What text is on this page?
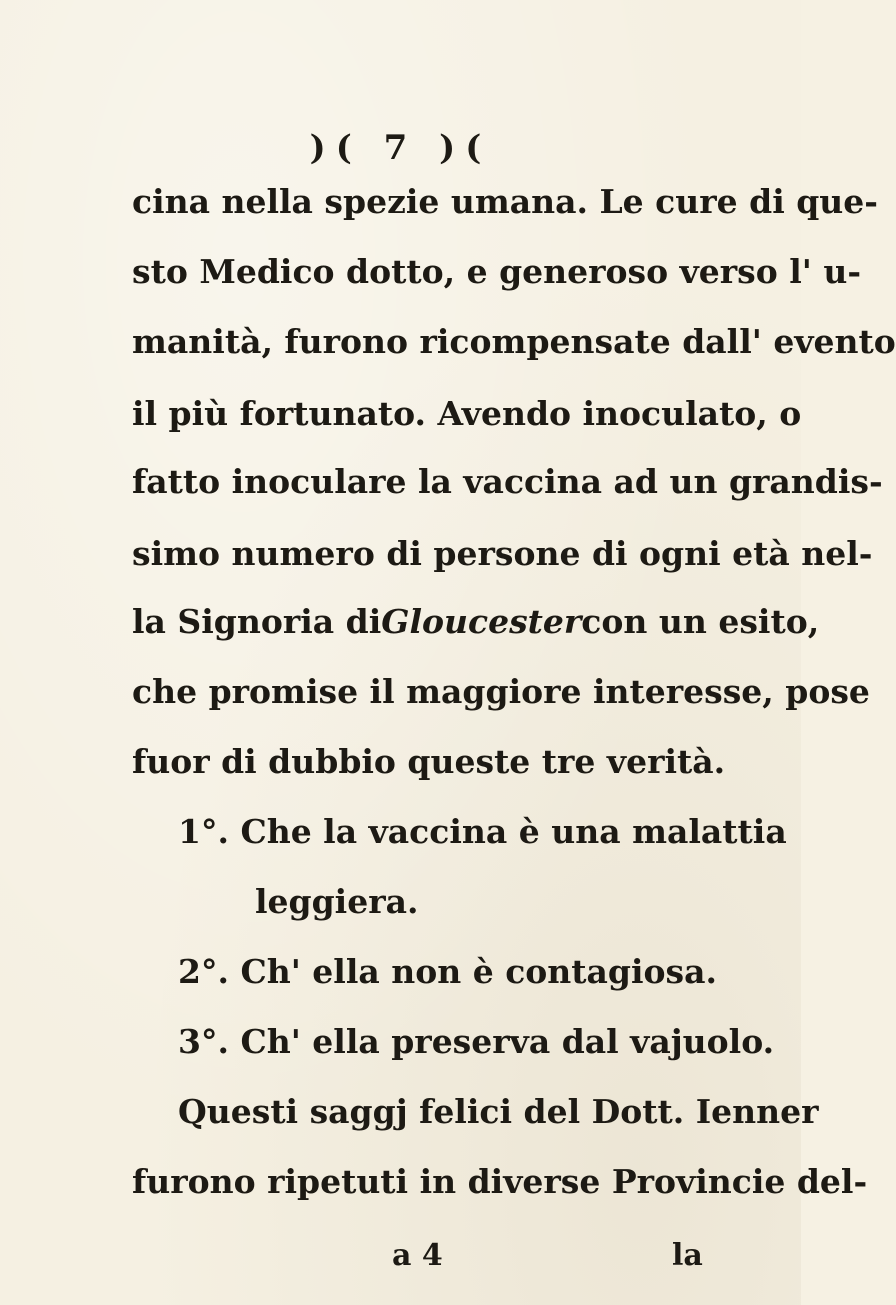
)( 7 )(
cina nella spezie umana. Le cure di que-
sto Medico dotto, e generoso verso l' u-
manità, furono ricompensate dall' evento
il più fortunato. Avendo inoculato, o
fatto inoculare la vaccina ad un grandis-
simo numero di persone di ogni età nel-
la Signoria di Gloucester con un esito,
che promise il maggiore interesse, pose
fuor di dubbio queste tre verità.
1°. Che la vaccina è una malattia
leggiera.
2°. Ch' ella non è contagiosa.
3°. Ch' ella preserva dal vajuolo.
Questi saggj felici del Dott. Ienner
furono ripetuti in diverse Provincie del-
a 4	la
